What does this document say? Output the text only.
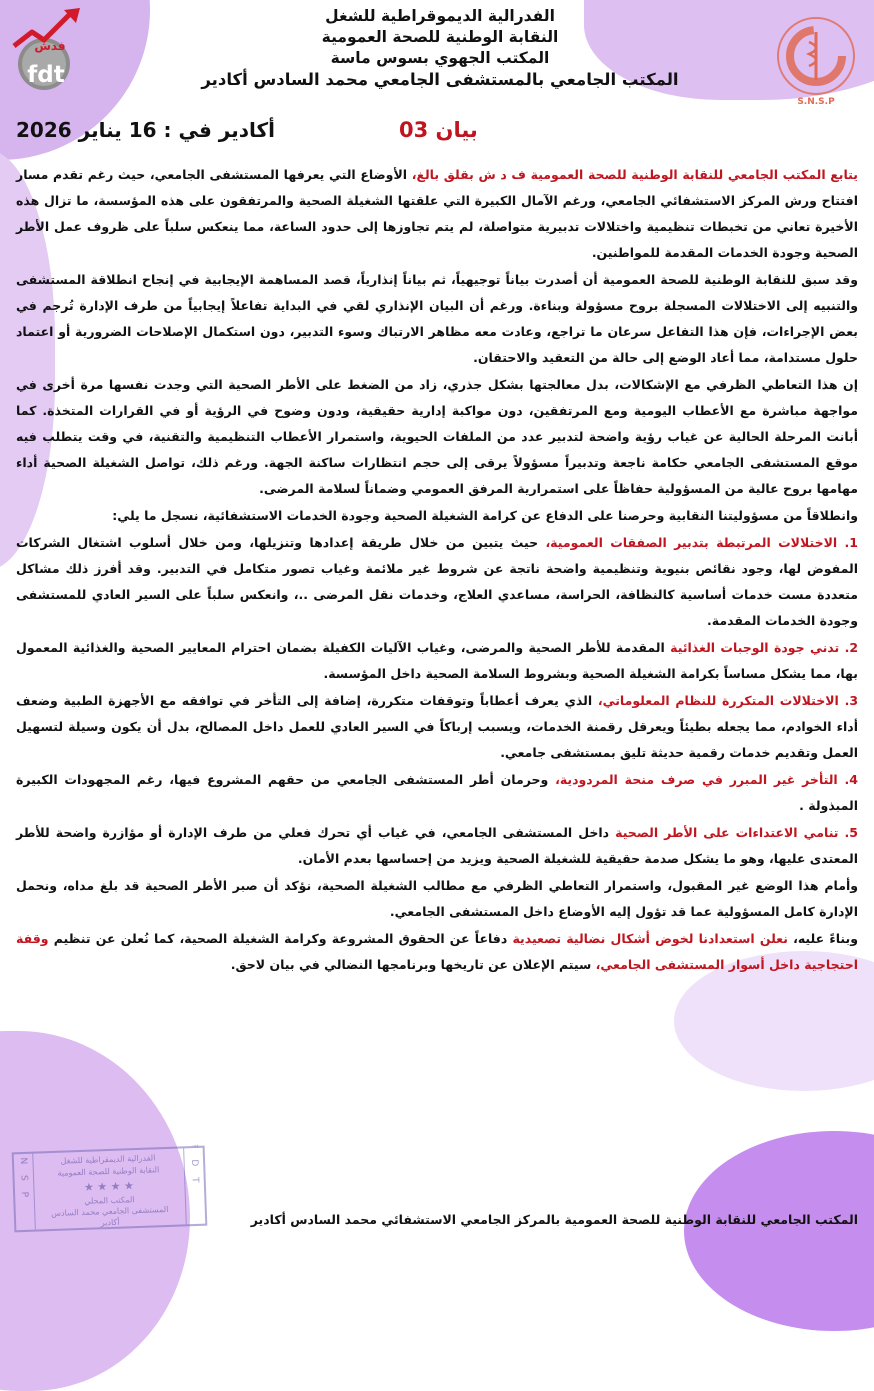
فدش
fdt
S.N.S.P
الفدرالية الديموقراطية للشغل
النقابة الوطنية للصحة العمومية
المكتب الجهوي بسوس ماسة
المكتب الجامعي بالمستشفى الجامعي محمد السادس أكادير
بيان 03
أكادير في : 16 يناير 2026

يتابع المكتب الجامعي للنقابة الوطنية للصحة العمومية ف د ش بقلق بالغ، الأوضاع التي يعرفها المستشفى الجامعي، حيث رغم تقدم مسار افتتاح ورش المركز الاستشفائي الجامعي، ورغم الآمال الكبيرة التي علقتها الشغيلة الصحية والمرتفقون على هذه المؤسسة، ما تزال هذه الأخيرة تعاني من تخبطات تنظيمية واختلالات تدبيرية متواصلة، لم يتم تجاوزها إلى حدود الساعة، مما ينعكس سلباً على ظروف عمل الأطر الصحية وجودة الخدمات المقدمة للمواطنين.

وقد سبق للنقابة الوطنية للصحة العمومية أن أصدرت بياناً توجيهياً، ثم بياناً إنذارياً، قصد المساهمة الإيجابية في إنجاح انطلاقة المستشفى والتنبيه إلى الاختلالات المسجلة بروح مسؤولة وبناءة. ورغم أن البيان الإنذاري لقي في البداية تفاعلاً إيجابياً من طرف الإدارة تُرجم في بعض الإجراءات، فإن هذا التفاعل سرعان ما تراجع، وعادت معه مظاهر الارتباك وسوء التدبير، دون استكمال الإصلاحات الضرورية أو اعتماد حلول مستدامة، مما أعاد الوضع إلى حالة من التعقيد والاحتقان.

إن هذا التعاطي الظرفي مع الإشكالات، بدل معالجتها بشكل جذري، زاد من الضغط على الأطر الصحية التي وجدت نفسها مرة أخرى في مواجهة مباشرة مع الأعطاب اليومية ومع المرتفقين، دون مواكبة إدارية حقيقية، ودون وضوح في الرؤية أو في القرارات المتخذة. كما أبانت المرحلة الحالية عن غياب رؤية واضحة لتدبير عدد من الملفات الحيوية، واستمرار الأعطاب التنظيمية والتقنية، في وقت يتطلب فيه موقع المستشفى الجامعي حكامة ناجعة وتدبيراً مسؤولاً يرقى إلى حجم انتظارات ساكنة الجهة. ورغم ذلك، تواصل الشغيلة الصحية أداء مهامها بروح عالية من المسؤولية حفاظاً على استمرارية المرفق العمومي وضماناً لسلامة المرضى.

وانطلاقاً من مسؤوليتنا النقابية وحرصنا على الدفاع عن كرامة الشغيلة الصحية وجودة الخدمات الاستشفائية، نسجل ما يلي:

1. الاختلالات المرتبطة بتدبير الصفقات العمومية، حيث يتبين من خلال طريقة إعدادها وتنزيلها، ومن خلال أسلوب اشتغال الشركات المفوض لها، وجود نقائص بنيوية وتنظيمية واضحة ناتجة عن شروط غير ملائمة وغياب تصور متكامل في التدبير. وقد أفرز ذلك مشاكل متعددة مست خدمات أساسية كالنظافة، الحراسة، مساعدي العلاج، وخدمات نقل المرضى ..، وانعكس سلباً على السير العادي للمستشفى وجودة الخدمات المقدمة.

2. تدني جودة الوجبات الغذائية المقدمة للأطر الصحية والمرضى، وغياب الآليات الكفيلة بضمان احترام المعايير الصحية والغذائية المعمول بها، مما يشكل مساساً بكرامة الشغيلة الصحية وبشروط السلامة الصحية داخل المؤسسة.

3. الاختلالات المتكررة للنظام المعلوماتي، الذي يعرف أعطاباً وتوقفات متكررة، إضافة إلى التأخر في توافقه مع الأجهزة الطبية وضعف أداء الخوادم، مما يجعله بطيئاً ويعرقل رقمنة الخدمات، ويسبب إرباكاً في السير العادي للعمل داخل المصالح، بدل أن يكون وسيلة لتسهيل العمل وتقديم خدمات رقمية حديثة تليق بمستشفى جامعي.

4. التأخر غير المبرر في صرف منحة المردودية، وحرمان أطر المستشفى الجامعي من حقهم المشروع فيها، رغم المجهودات الكبيرة المبذولة .

5. تنامي الاعتداءات على الأطر الصحية داخل المستشفى الجامعي، في غياب أي تحرك فعلي من طرف الإدارة أو مؤازرة واضحة للأطر المعتدى عليها، وهو ما يشكل صدمة حقيقية للشغيلة الصحية ويزيد من إحساسها بعدم الأمان.

وأمام هذا الوضع غير المقبول، واستمرار التعاطي الظرفي مع مطالب الشغيلة الصحية، نؤكد أن صبر الأطر الصحية قد بلغ مداه، ونحمل الإدارة كامل المسؤولية عما قد تؤول إليه الأوضاع داخل المستشفى الجامعي.

وبناءً عليه، نعلن استعدادنا لخوض أشكال نضالية تصعيدية دفاعاً عن الحقوق المشروعة وكرامة الشغيلة الصحية، كما نُعلن عن تنظيم وقفة احتجاجية داخل أسوار المستشفى الجامعي، سيتم الإعلان عن تاريخها وبرنامجها النضالي في بيان لاحق.

الفدرالية الديمقراطية للشغل
النقابة الوطنية للصحة العمومية
★ ★ ★ ★
المكتب المحلي
المستشفى الجامعي محمد السادس
أكادير
S N S P	F D T
المكتب الجامعي للنقابة الوطنية للصحة العمومية بالمركز الجامعي الاستشفائي محمد السادس أكادير
